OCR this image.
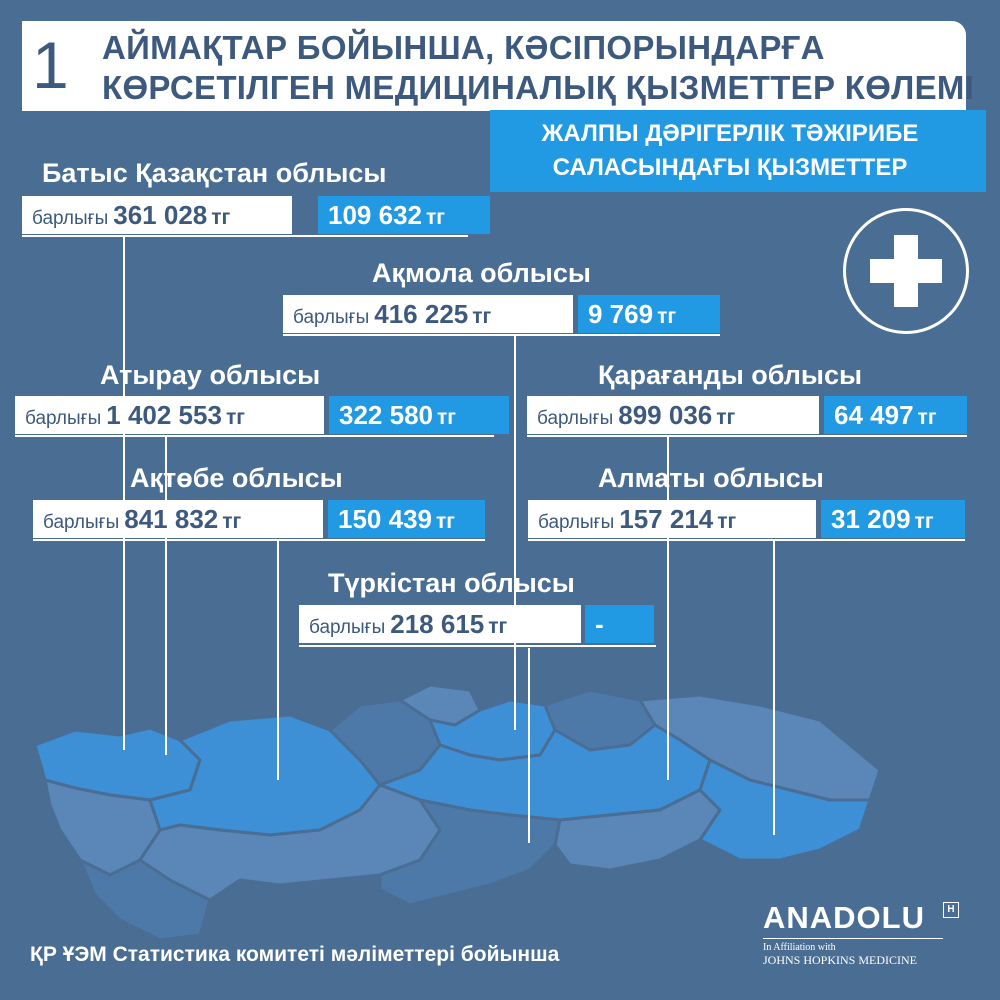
1 АЙМАҚТАР БОЙЫНША, КӘСІПОРЫНДАРҒА
КӨРСЕТІЛГЕН МЕДИЦИНАЛЫҚ ҚЫЗМЕТТЕР КӨЛЕМІ
ЖАЛПЫ ДӘРІГЕРЛІК ТӘЖІРИБЕ
САЛАСЫНДАҒЫ ҚЫЗМЕТТЕР
Батыс Қазақстан облысы
барлығы 361 028 тг	109 632 тг
Ақмола облысы
барлығы 416 225 тг	9 769 тг
Атырау облысы
барлығы 1 402 553 тг	322 580 тг
Қарағанды облысы
барлығы 899 036 тг	64 497 тг
Ақтөбе облысы
барлығы 841 832 тг	150 439 тг
Алматы облысы
барлығы 157 214 тг	31 209 тг
Түркістан облысы
барлығы 218 615 тг	-
ҚР ҰЭМ Статистика комитеті мәліметтері бойынша
ANADOLU	H
In Affiliation with
JOHNS HOPKINS MEDICINE
